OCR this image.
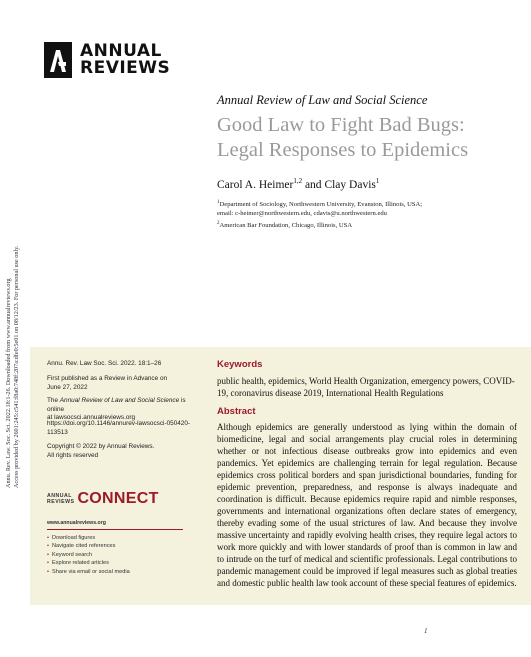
ANNUAL
REVIEWS
Annu. Rev. Law. Soc. Sci. 2022.18:1-26. Downloaded from www.annualreviews.org Access provided by 2601:245:c541:f8a0:748f:207a:dfe0:5e01 on 08/12/23. For personal use only.
Annual Review of Law and Social Science
Good Law to Fight Bad Bugs:
Legal Responses to Epidemics
Carol A. Heimer$^{1,2}$ and Clay Davis$^1$
$^1$Department of Sociology, Northwestern University, Evanston, Illinois, USA;
email: c-heimer@northwestern.edu, cdavis@u.northwestern.edu
$^2$American Bar Foundation, Chicago, Illinois, USA
Annu. Rev. Law Soc. Sci. 2022. 18:1–26
First published as a Review in Advance on
June 27, 2022
The Annual Review of Law and Social Science is online
at lawsocsci.annualreviews.org
https://doi.org/10.1146/annurev-lawsocsci-050420-
113513
Copyright © 2022 by Annual Reviews.
All rights reserved
ANNUAL
REVIEWS CONNECT
www.annualreviews.org
• Download figures
• Navigate cited references
• Keyword search
• Explore related articles
• Share via email or social media
Keywords
public health, epidemics, World Health Organization, emergency powers, COVID-19, coronavirus disease 2019, International Health Regulations
Abstract
Although epidemics are generally understood as lying within the domain of biomedicine, legal and social arrangements play crucial roles in determining whether or not infectious disease outbreaks grow into epidemics and even pandemics. Yet epidemics are challenging terrain for legal regulation. Because epidemics cross political borders and span jurisdictional boundaries, funding for epidemic prevention, preparedness, and response is always inadequate and coordination is difficult. Because epidemics require rapid and nimble responses, governments and international organizations often declare states of emergency, thereby evading some of the usual strictures of law. And because they involve massive uncertainty and rapidly evolving health crises, they require legal actors to work more quickly and with lower standards of proof than is common in law and to intrude on the turf of medical and scientific professionals. Legal contributions to pandemic management could be improved if legal measures such as global treaties and domestic public health law took account of these special features of epidemics.
1
